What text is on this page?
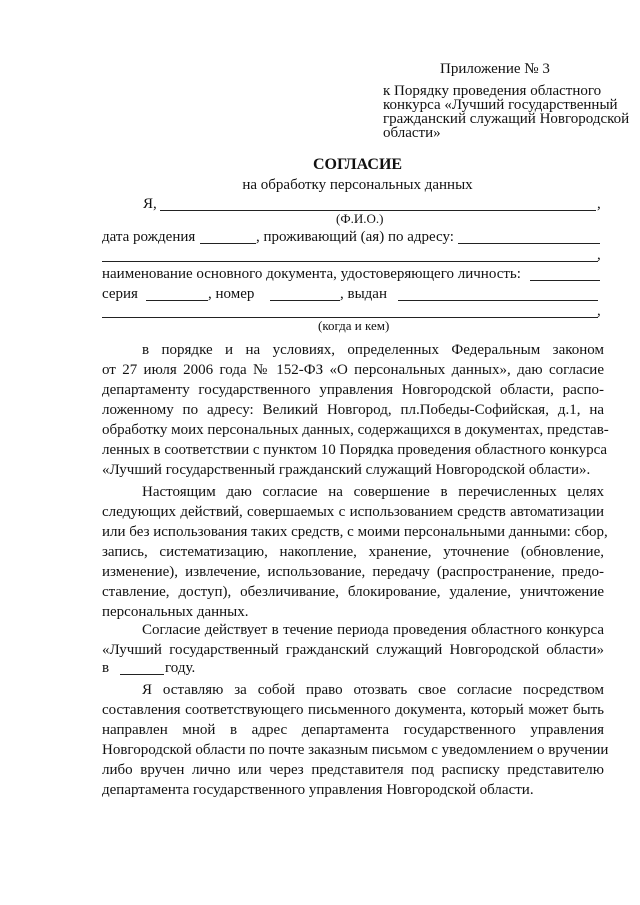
Приложение № 3
к Порядку проведения областного
конкурса «Лучший государственный
гражданский служащий Новгородской
области»
СОГЛАСИЕ
на обработку персональных данных
Я,	,
(Ф.И.О.)
дата рождения	, проживающий (ая) по адресу:
,
наименование основного документа, удостоверяющего личность:
серия	, номер	, выдан
,
(когда и кем)
в порядке и на условиях, определенных Федеральным законом
от 27 июля 2006 года № 152-ФЗ «О персональных данных», даю согласие
департаменту государственного управления Новгородской области, распо-
ложенному по адресу: Великий Новгород, пл.Победы-Софийская, д.1, на
обработку моих персональных данных, содержащихся в документах, представ-
ленных в соответствии с пунктом 10 Порядка проведения областного конкурса
«Лучший государственный гражданский служащий Новгородской области».
Настоящим даю согласие на совершение в перечисленных целях
следующих действий, совершаемых с использованием средств автоматизации
или без использования таких средств, с моими персональными данными: сбор,
запись, систематизацию, накопление, хранение, уточнение (обновление,
изменение), извлечение, использование, передачу (распространение, предо-
ставление, доступ), обезличивание, блокирование, удаление, уничтожение
персональных данных.
Согласие действует в течение периода проведения областного конкурса
«Лучший государственный гражданский служащий Новгородской области»
в	году.
Я оставляю за собой право отозвать свое согласие посредством
составления соответствующего письменного документа, который может быть
направлен мной в адрес департамента государственного управления
Новгородской области по почте заказным письмом с уведомлением о вручении
либо вручен лично или через представителя под расписку представителю
департамента государственного управления Новгородской области.
